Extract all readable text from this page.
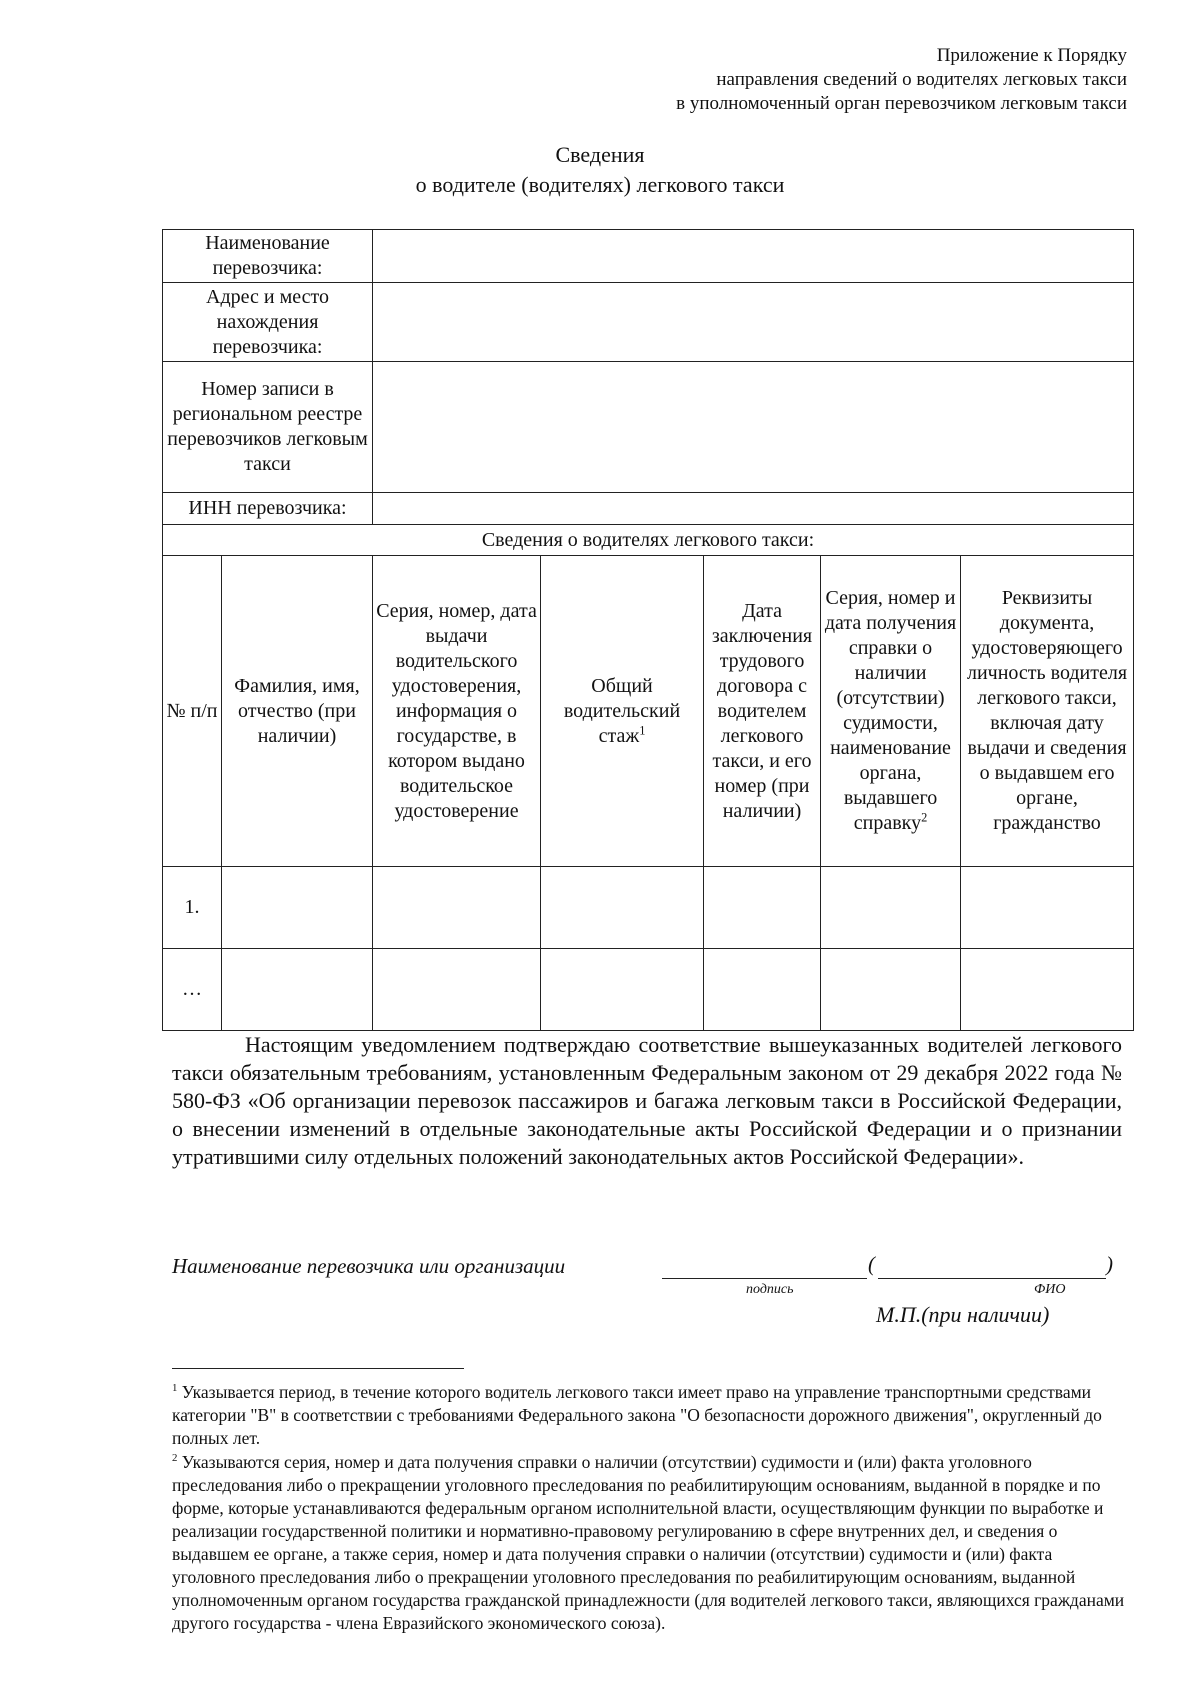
Приложение к Порядку
направления сведений о водителях легковых такси
в уполномоченный орган перевозчиком легковым такси
Сведения
о водителе (водителях) легкового такси
Наименование перевозчика:						
Адрес и место нахождения перевозчика:						
Номер записи в региональном реестре перевозчиков легковым такси						
ИНН перевозчика:						
Сведения о водителях легкового такси:						
№ п/п	Фамилия, имя, отчество (при наличии)	Серия, номер, дата выдачи водительского удостоверения, информация о государстве, в котором выдано водительское удостоверение	Общий водительский стаж$^1$	Дата заключения трудового договора с водителем легкового такси, и его номер (при наличии)	Серия, номер и дата получения справки о наличии (отсутствии) судимости, наименование органа, выдавшего справку$^2$	Реквизиты документа, удостоверяющего личность водителя легкового такси, включая дату выдачи и сведения о выдавшем его органе, гражданство
1.						
…						

Настоящим уведомлением подтверждаю соответствие вышеуказанных водителей легкового такси обязательным требованиям, установленным Федеральным законом от 29 декабря 2022 года № 580-ФЗ «Об организации перевозок пассажиров и багажа легковым такси в Российской Федерации, о внесении изменений в отдельные законодательные акты Российской Федерации и о признании утратившими силу отдельных положений законодательных актов Российской Федерации».

Наименование перевозчика или организации	(	)
подпись	ФИО
М.П.(при наличии)

$^1$ Указывается период, в течение которого водитель легкового такси имеет право на управление транспортными средствами категории "B" в соответствии с требованиями Федерального закона "О безопасности дорожного движения", округленный до полных лет.

$^2$ Указываются серия, номер и дата получения справки о наличии (отсутствии) судимости и (или) факта уголовного преследования либо о прекращении уголовного преследования по реабилитирующим основаниям, выданной в порядке и по форме, которые устанавливаются федеральным органом исполнительной власти, осуществляющим функции по выработке и реализации государственной политики и нормативно-правовому регулированию в сфере внутренних дел, и сведения о выдавшем ее органе, а также серия, номер и дата получения справки о наличии (отсутствии) судимости и (или) факта уголовного преследования либо о прекращении уголовного преследования по реабилитирующим основаниям, выданной уполномоченным органом государства гражданской принадлежности (для водителей легкового такси, являющихся гражданами другого государства - члена Евразийского экономического союза).
